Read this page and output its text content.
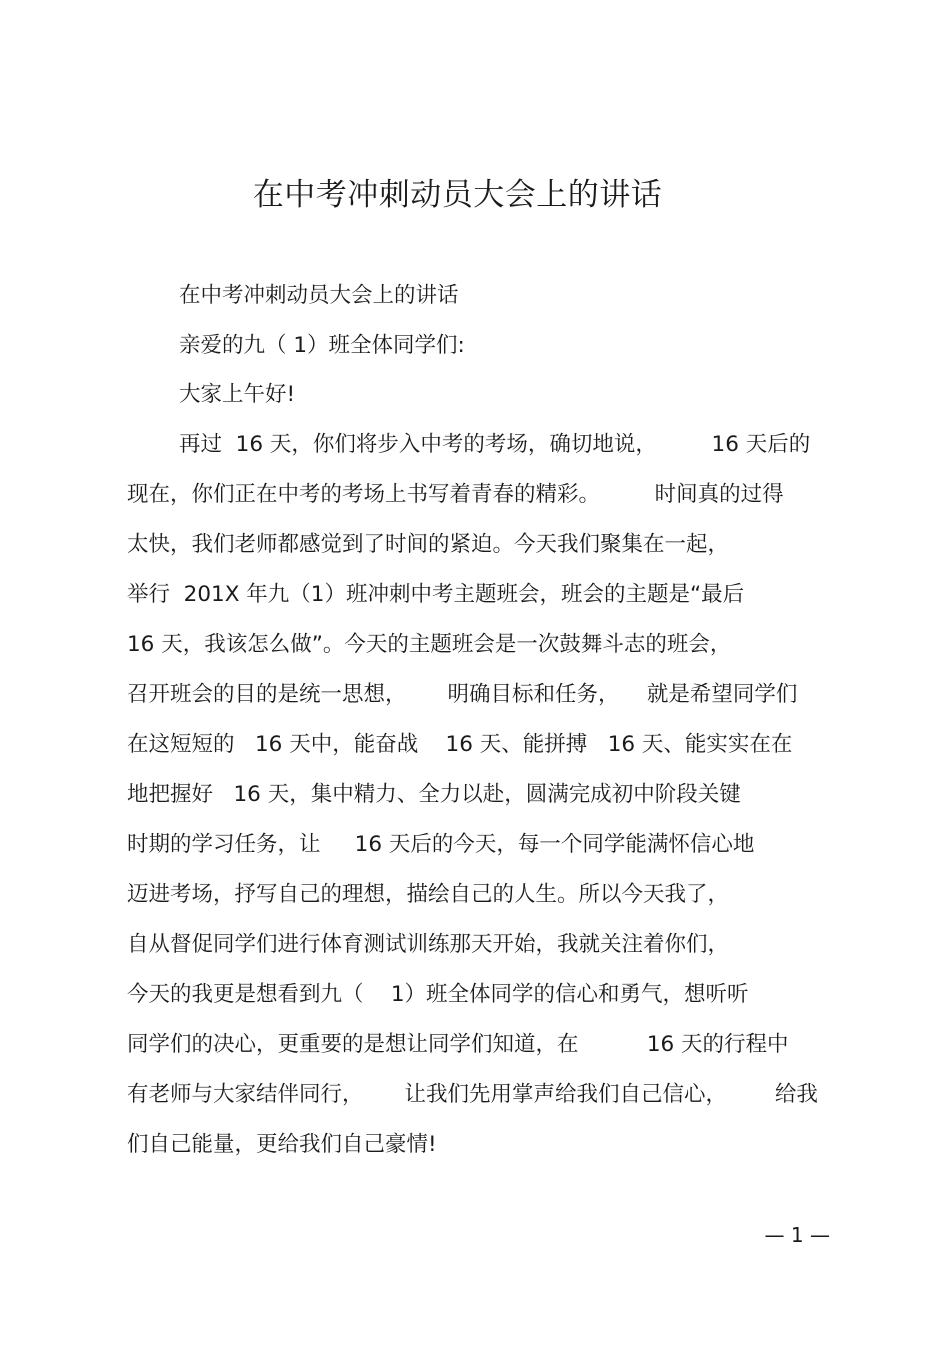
在中考冲刺动员大会上的讲话
在中考冲刺动员大会上的讲话
亲爱的九（ 1）班全体同学们:
大家上午好!
再过  16 天，你们将步入中考的考场，确切地说，        16 天后的
现在，你们正在中考的考场上书写着青春的精彩。        时间真的过得
太快，我们老师都感觉到了时间的紧迫。今天我们聚集在一起，
举行  201X 年九（1）班冲刺中考主题班会，班会的主题是“最后
16 天，我该怎么做”。今天的主题班会是一次鼓舞斗志的班会，
召开班会的目的是统一思想，      明确目标和任务，    就是希望同学们
在这短短的   16 天中，能奋战    16 天、能拼搏   16 天、能实实在在
地把握好   16 天，集中精力、全力以赴，圆满完成初中阶段关键
时期的学习任务，让     16 天后的今天，每一个同学能满怀信心地
迈进考场，抒写自己的理想，描绘自己的人生。所以今天我了，
自从督促同学们进行体育测试训练那天开始，我就关注着你们，
今天的我更是想看到九（    1）班全体同学的信心和勇气，想听听
同学们的决心，更重要的是想让同学们知道，在          16 天的行程中
有老师与大家结伴同行，      让我们先用掌声给我们自己信心，       给我
们自己能量，更给我们自己豪情!
— 1 —
